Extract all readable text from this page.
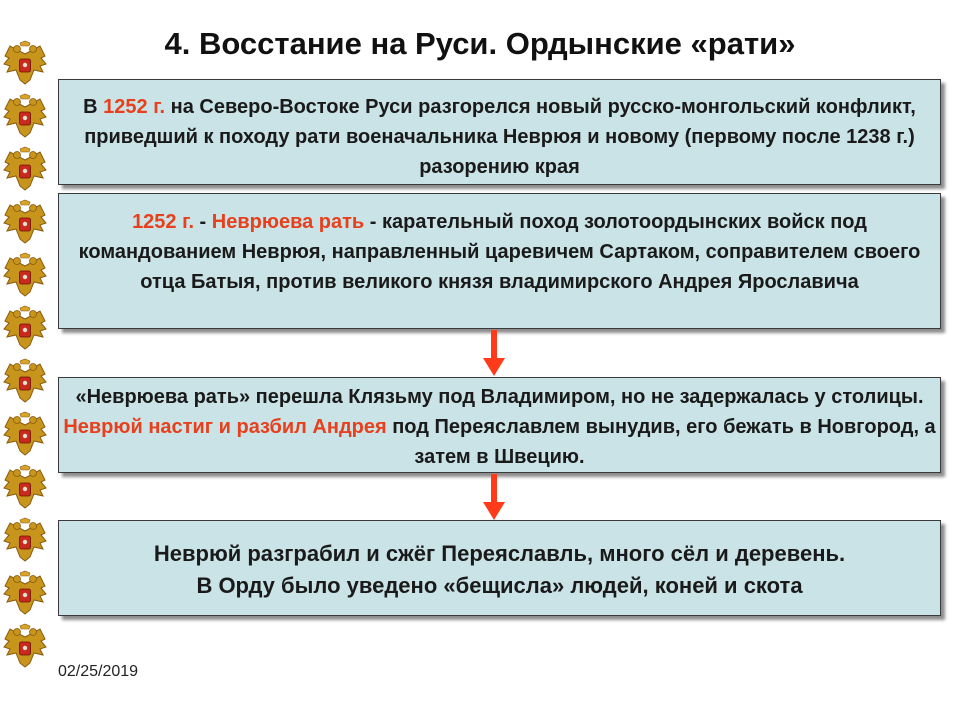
4. Восстание на Руси. Ордынские «рати»

В 1252 г. на Северо-Востоке Руси разгорелся новый русско-монгольский конфликт, приведший к походу рати военачальника Неврюя и новому (первому после 1238 г.) разорению края

1252 г. - Неврюева рать - карательный поход золотоордынских войск под командованием Неврюя, направленный царевичем Сартаком, соправителем своего отца Батыя, против великого князя владимирского Андрея Ярославича

«Неврюева рать» перешла Клязьму под Владимиром, но не задержалась у столицы. Неврюй настиг и разбил Андрея под Переяславлем вынудив, его бежать в Новгород, а затем в Швецию.

Неврюй разграбил и сжёг Переяславль, много сёл и деревень.

В Орду было уведено «бещисла» людей, коней и скота

02/25/2019
